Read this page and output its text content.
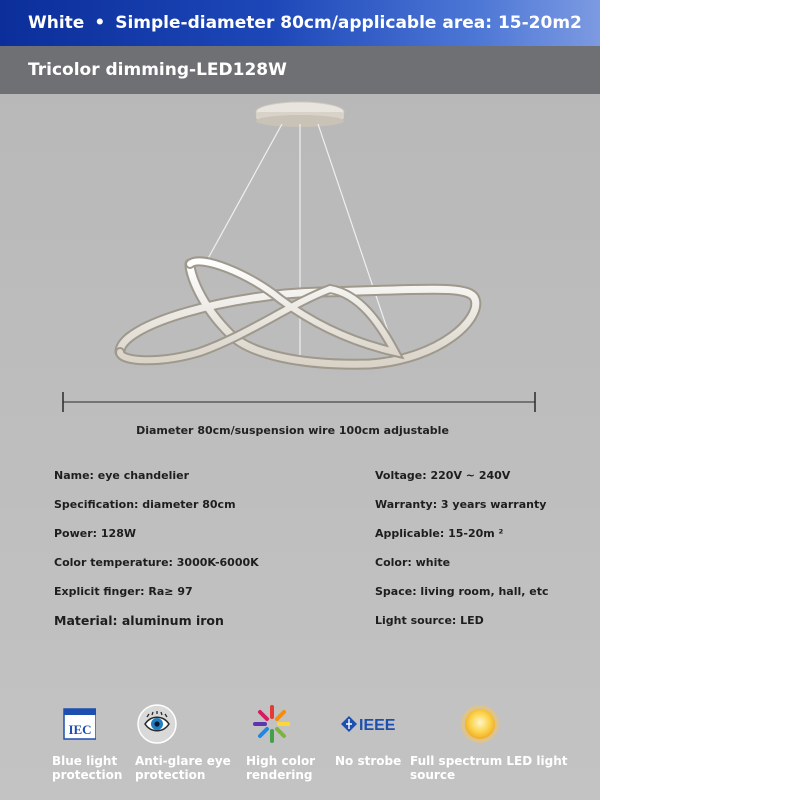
White • Simple-diameter 80cm/applicable area: 15-20m2
Tricolor dimming-LED128W
Diameter 80cm/suspension wire 100cm adjustable
Name: eye chandelier
Specification: diameter 80cm
Power: 128W
Color temperature: 3000K-6000K
Explicit finger: Ra≥ 97
Material: aluminum iron
Voltage: 220V ~ 240V
Warranty: 3 years warranty
Applicable: 15-20m ²
Color: white
Space: living room, hall, etc
Light source: LED
IEC
Blue light protection
Anti-glare eye protection
High color rendering
IEEE
No strobe Full spectrum LED light source
